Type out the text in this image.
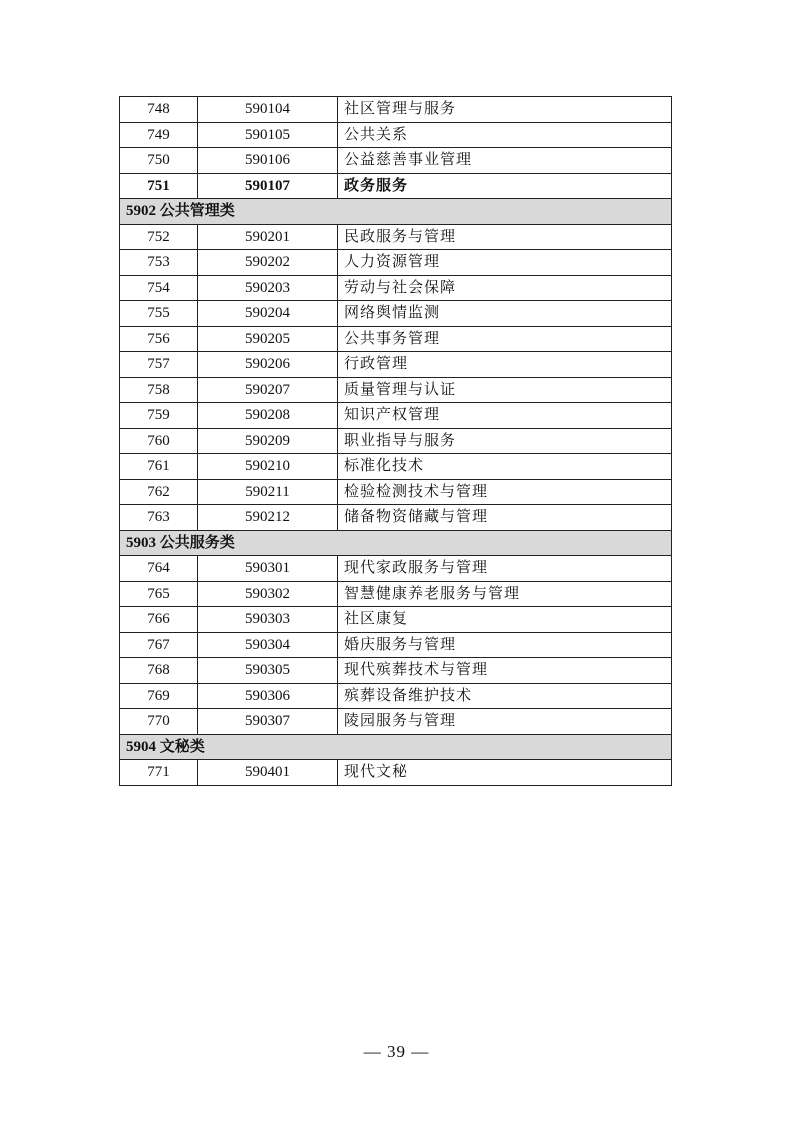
748	590104	社区管理与服务
749	590105	公共关系
750	590106	公益慈善事业管理
751	590107	政务服务
5902 公共管理类		
752	590201	民政服务与管理
753	590202	人力资源管理
754	590203	劳动与社会保障
755	590204	网络舆情监测
756	590205	公共事务管理
757	590206	行政管理
758	590207	质量管理与认证
759	590208	知识产权管理
760	590209	职业指导与服务
761	590210	标准化技术
762	590211	检验检测技术与管理
763	590212	储备物资储藏与管理
5903 公共服务类		
764	590301	现代家政服务与管理
765	590302	智慧健康养老服务与管理
766	590303	社区康复
767	590304	婚庆服务与管理
768	590305	现代殡葬技术与管理
769	590306	殡葬设备维护技术
770	590307	陵园服务与管理
5904 文秘类		
771	590401	现代文秘
— 39 —
